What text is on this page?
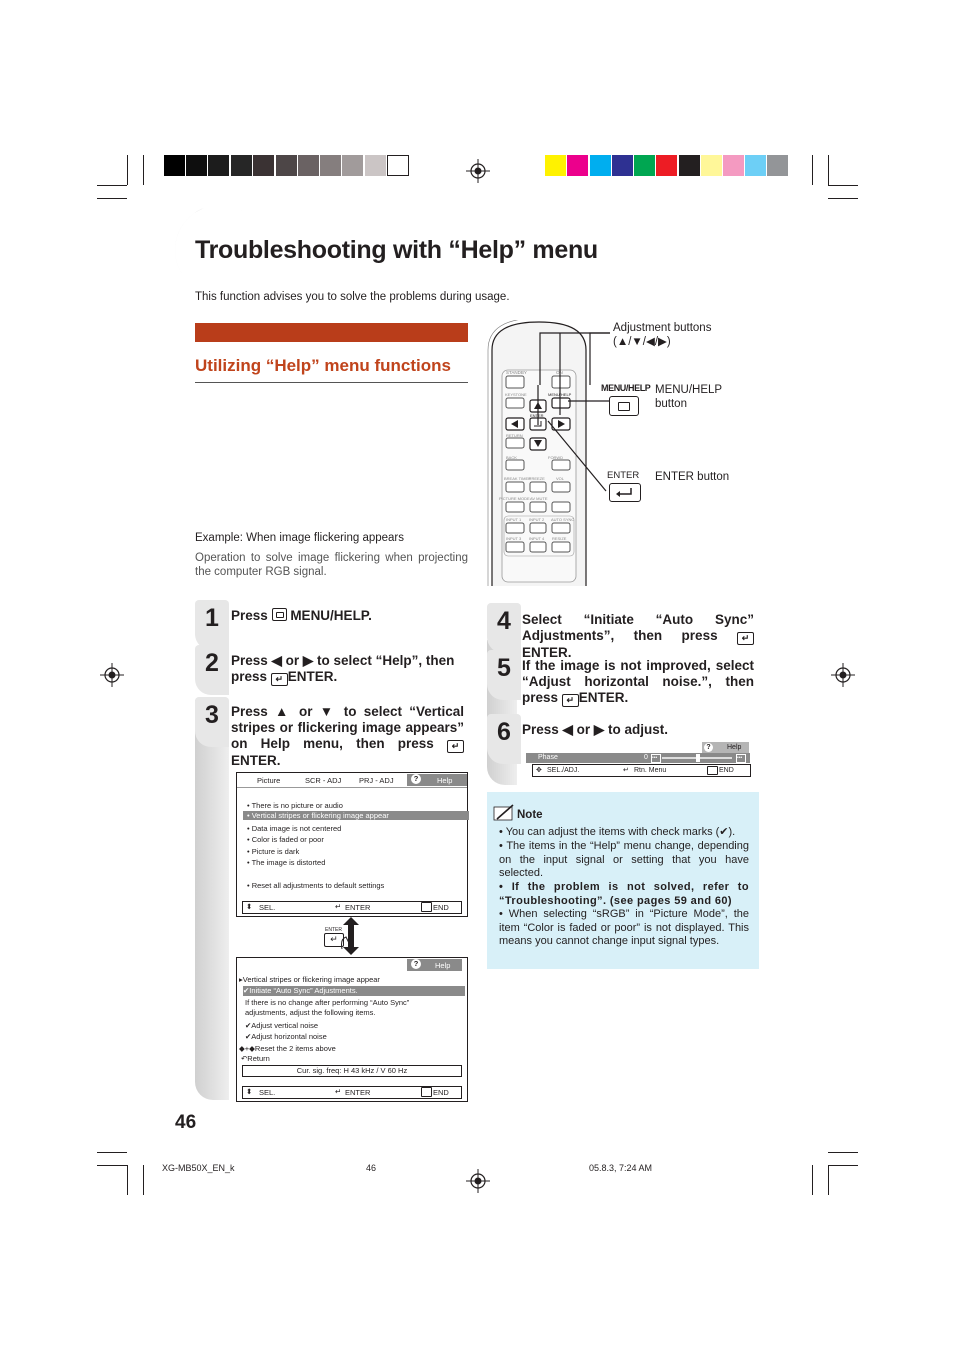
Troubleshooting with “Help” menu
This function advises you to solve the problems during usage.
Utilizing “Help” menu functions
Example: When image flickering appears
Operation to solve image flickering when projecting the computer RGB signal.
STANDBY	ON
KEYSTONE	MENU/HELP
ENTER
RETURN
BACK	FORWD
BREAK TIMER
FREEZE	VOL
PICTURE MODE AV MUTE
INPUT 1 INPUT 2 AUTO SYNC
INPUT 3 INPUT 4 RESIZE
Adjustment buttons
(▲/▼/◀/▶)
MENU/HELP MENU/HELP
button
ENTER ENTER button
1 Press
MENU/HELP.
2 Press ◀ or ▶ to select “Help”, then press ↵ ENTER.
3 Press ▲ or ▼ to select “Vertical stripes or flickering image appears” on Help menu, then press ↵ENTER.
Picture	SCR - ADJ PRJ - ADJ	?	Help
• There is no picture or audio
• Vertical stripes or flickering image appear
• Data image is not centered
• Color is faded or poor
• Picture is dark
• The image is distorted
• Reset all adjustments to default settings
⬍ SEL.	↵ ENTER	END
ENTER
↵
?	Help
▸Vertical stripes or flickering image appear
✔Initiate “Auto Sync” Adjustments.
If there is no change after performing “Auto Sync”
adjustments, adjust the following items.
✔Adjust vertical noise
✔Adjust horizontal noise
◆+◆Reset the 2 items above
↶Return
Cur. sig. freq: H 43 kHz / V 60 Hz
⬍ SEL.	↵ ENTER	END
4 Select “Initiate “Auto Sync” Adjustments”, then press ↵ENTER.
5 If the image is not improved, select “Adjust horizontal noise.”, then press ↵ ENTER.
6 Press ◀ or ▶ to adjust.
?	Help
Phase	0 •••	•••
✥ SEL./ADJ.	↵ Rtn. Menu	END
Note
• You can adjust the items with check marks (✔).
• The items in the “Help” menu change, depending on the input signal or setting that you have selected.
• If the problem is not solved, refer to “Troubleshooting”. (see pages 59 and 60)
• When selecting “sRGB” in “Picture Mode”, the item “Color is faded or poor” is not displayed. This means you cannot change input signal types.
46
XG-MB50X_EN_k	46	05.8.3, 7:24 AM
